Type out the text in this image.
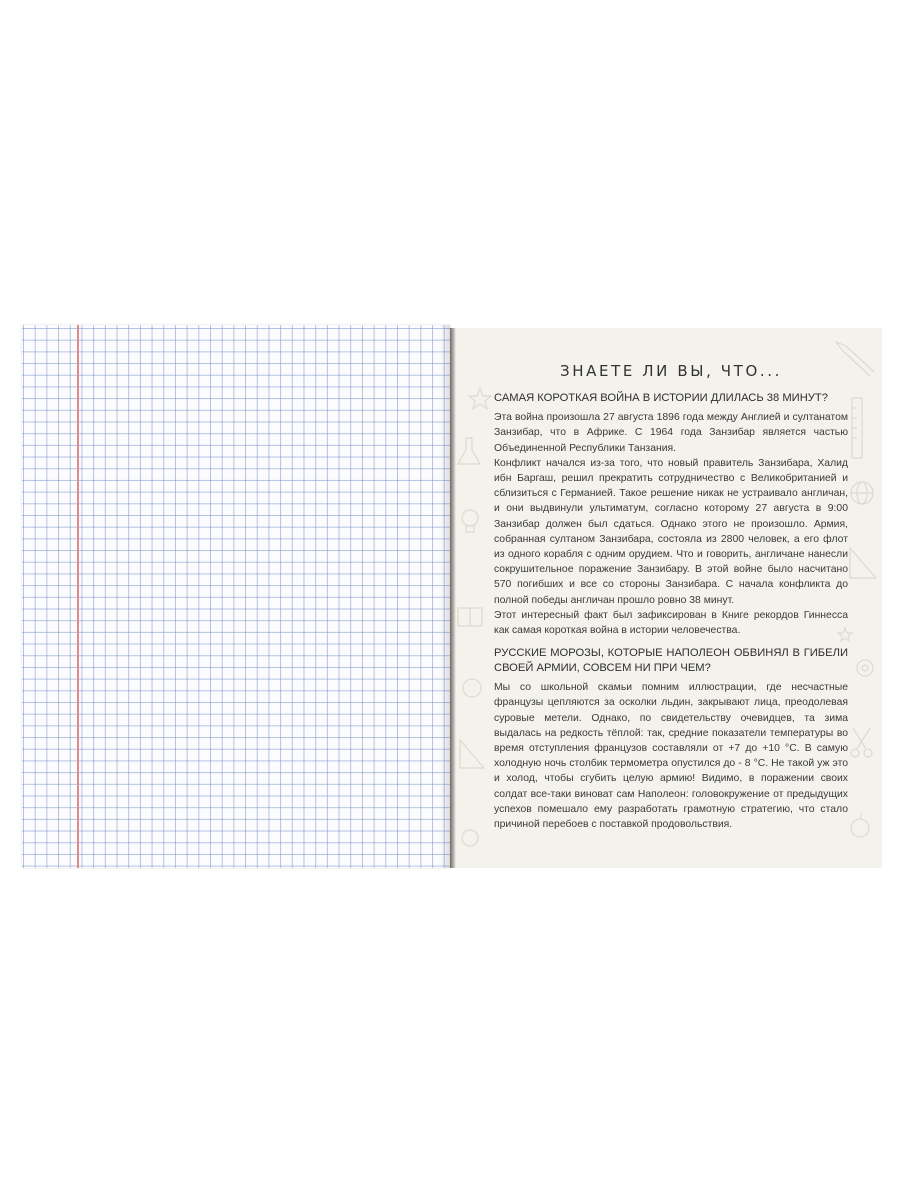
ЗНАЕТЕ ЛИ ВЫ, ЧТО...
САМАЯ КОРОТКАЯ ВОЙНА В ИСТОРИИ ДЛИЛАСЬ 38 МИНУТ?

Эта война произошла 27 августа 1896 года между Англией и султанатом Занзибар, что в Африке. С 1964 года Занзибар является частью Объединенной Республики Танзания.

Конфликт начался из-за того, что новый правитель Занзибара, Халид ибн Баргаш, решил прекратить сотрудничество с Великобританией и сблизиться с Германией. Такое решение никак не устраивало англичан, и они выдвинули ультиматум, согласно которому 27 августа в 9:00 Занзибар должен был сдаться. Однако этого не произошло. Армия, собранная султаном Занзибара, состояла из 2800 человек, а его флот из одного корабля с одним орудием. Что и говорить, англичане нанесли сокрушительное поражение Занзибару. В этой войне было насчитано 570 погибших и все со стороны Занзибара. С начала конфликта до полной победы англичан прошло ровно 38 минут.

Этот интересный факт был зафиксирован в Книге рекордов Гиннесса как самая короткая война в истории человечества.

РУССКИЕ МОРОЗЫ, КОТОРЫЕ НАПОЛЕОН ОБВИНЯЛ В ГИБЕЛИ СВОЕЙ АРМИИ, СОВСЕМ НИ ПРИ ЧЕМ?

Мы со школьной скамьи помним иллюстрации, где несчастные французы цепляются за осколки льдин, закрывают лица, преодолевая суровые метели. Однако, по свидетельству очевидцев, та зима выдалась на редкость тёплой: так, средние показатели температуры во время отступления французов составляли от +7 до +10 °С. В самую холодную ночь столбик термометра опустился до - 8 °С. Не такой уж это и холод, чтобы сгубить целую армию! Видимо, в поражении своих солдат все-таки виноват сам Наполеон: головокружение от предыдущих успехов помешало ему разработать грамотную стратегию, что стало причиной перебоев с поставкой продовольствия.
